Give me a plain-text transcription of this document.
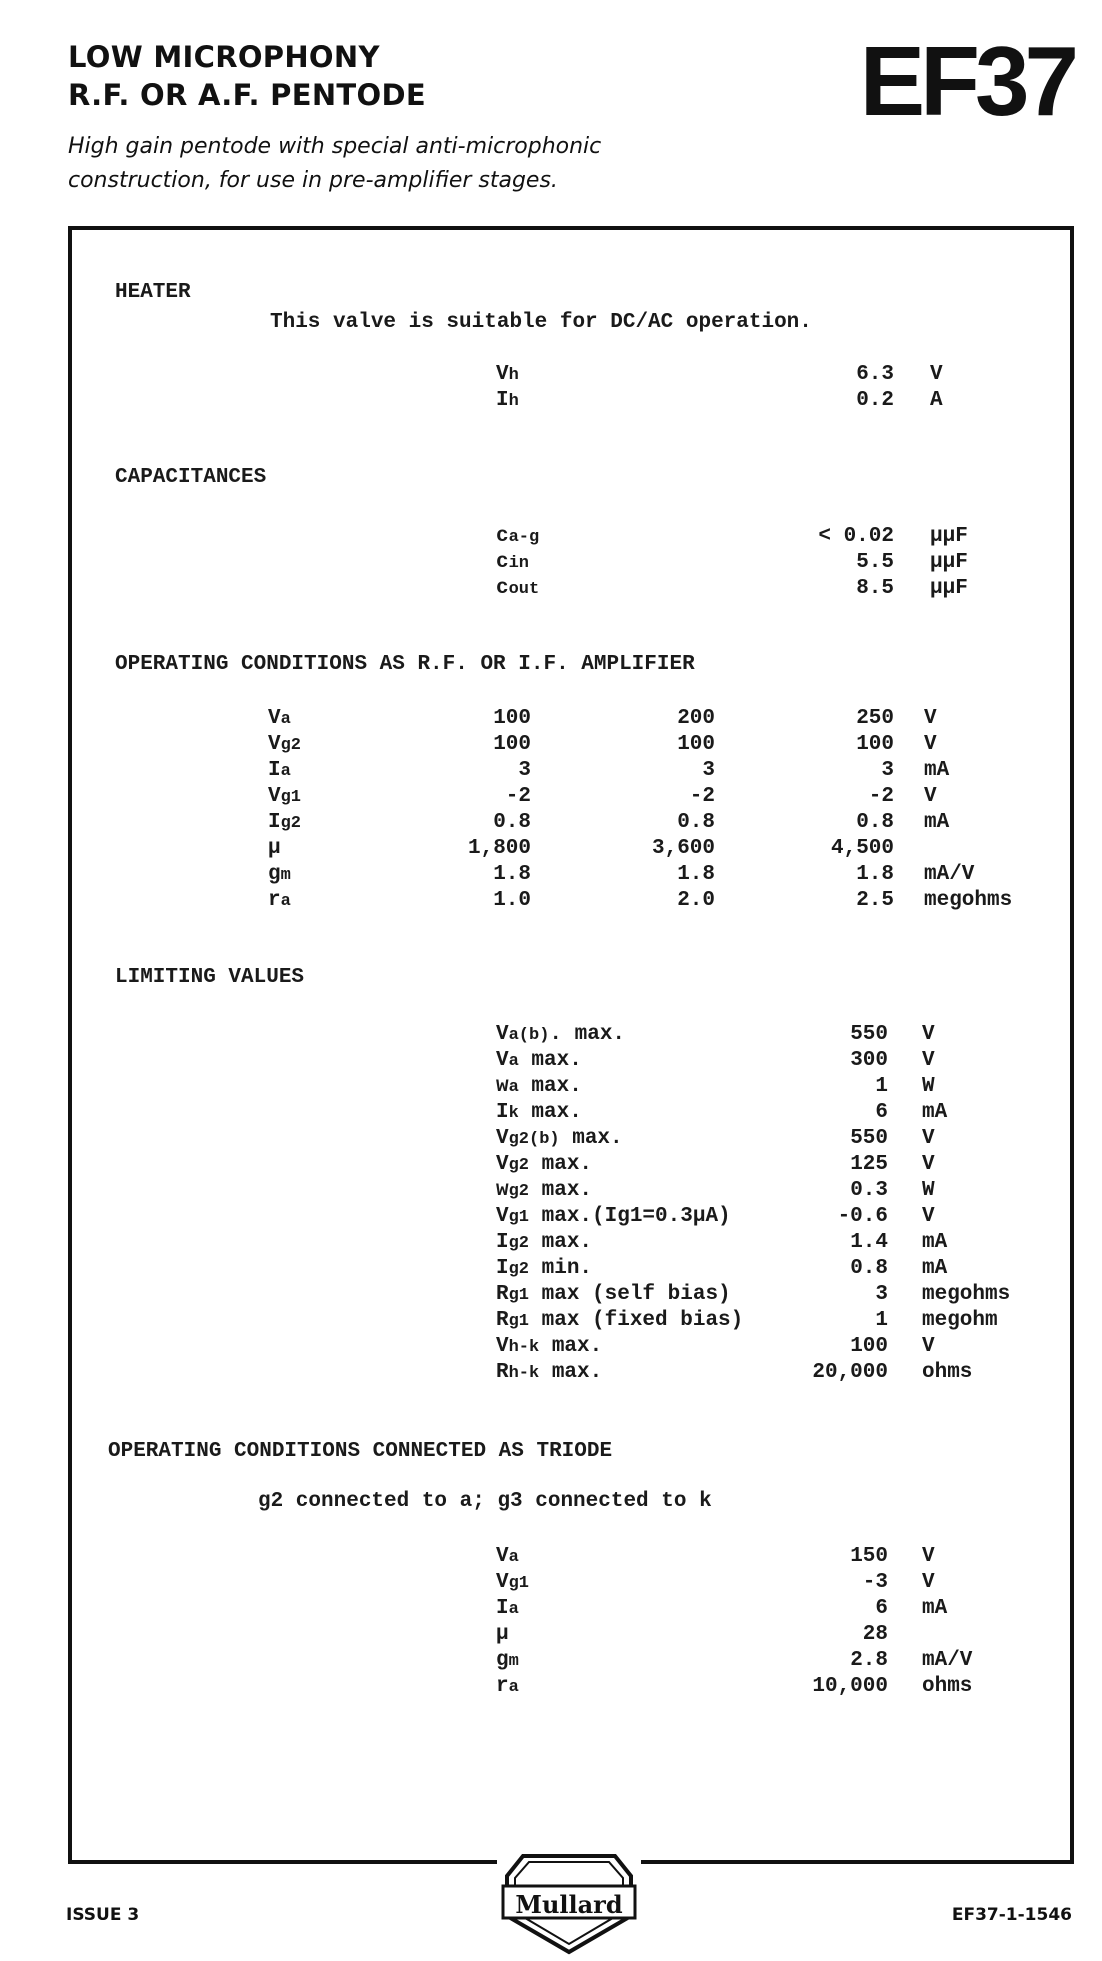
LOW MICROPHONY
R.F. OR A.F. PENTODE	EF37
High gain pentode with special anti-microphonic
construction, for use in pre-amplifier stages.
HEATER
This valve is suitable for DC/AC operation.
Vh	6.3 V
Ih	0.2 A
CAPACITANCES
ca-g	< 0.02 μμF
cin	5.5 μμF
cout	8.5 μμF
OPERATING CONDITIONS AS R.F. OR I.F. AMPLIFIER
Va	100	200	250 V
Vg2	100	100	100 V
Ia	3	3	3 mA
Vg1	-2	-2	-2 V
Ig2	0.8	0.8	0.8 mA
μ	1,800	3,600	4,500
gm	1.8	1.8	1.8 mA/V
ra	1.0	2.0	2.5 megohms
LIMITING VALUES
Va(b). max.	550 V
Va max.	300 V
wa max.	1 W
Ik max.	6 mA
Vg2(b) max.	550 V
Vg2 max.	125 V
wg2 max.	0.3 W
Vg1 max.(Ig1=0.3μA)	-0.6 V
Ig2 max.	1.4 mA
Ig2 min.	0.8 mA
Rg1 max (self bias)	3 megohms
Rg1 max (fixed bias)	1 megohm
Vh-k max.	100 V
Rh-k max.	20,000 ohms
OPERATING CONDITIONS CONNECTED AS TRIODE
g2 connected to a; g3 connected to k
Va	150 V
Vg1	-3 V
Ia	6 mA
μ	28
gm	2.8 mA/V
ra	10,000 ohms
ISSUE 3	EF37-1-1546
Mullard
